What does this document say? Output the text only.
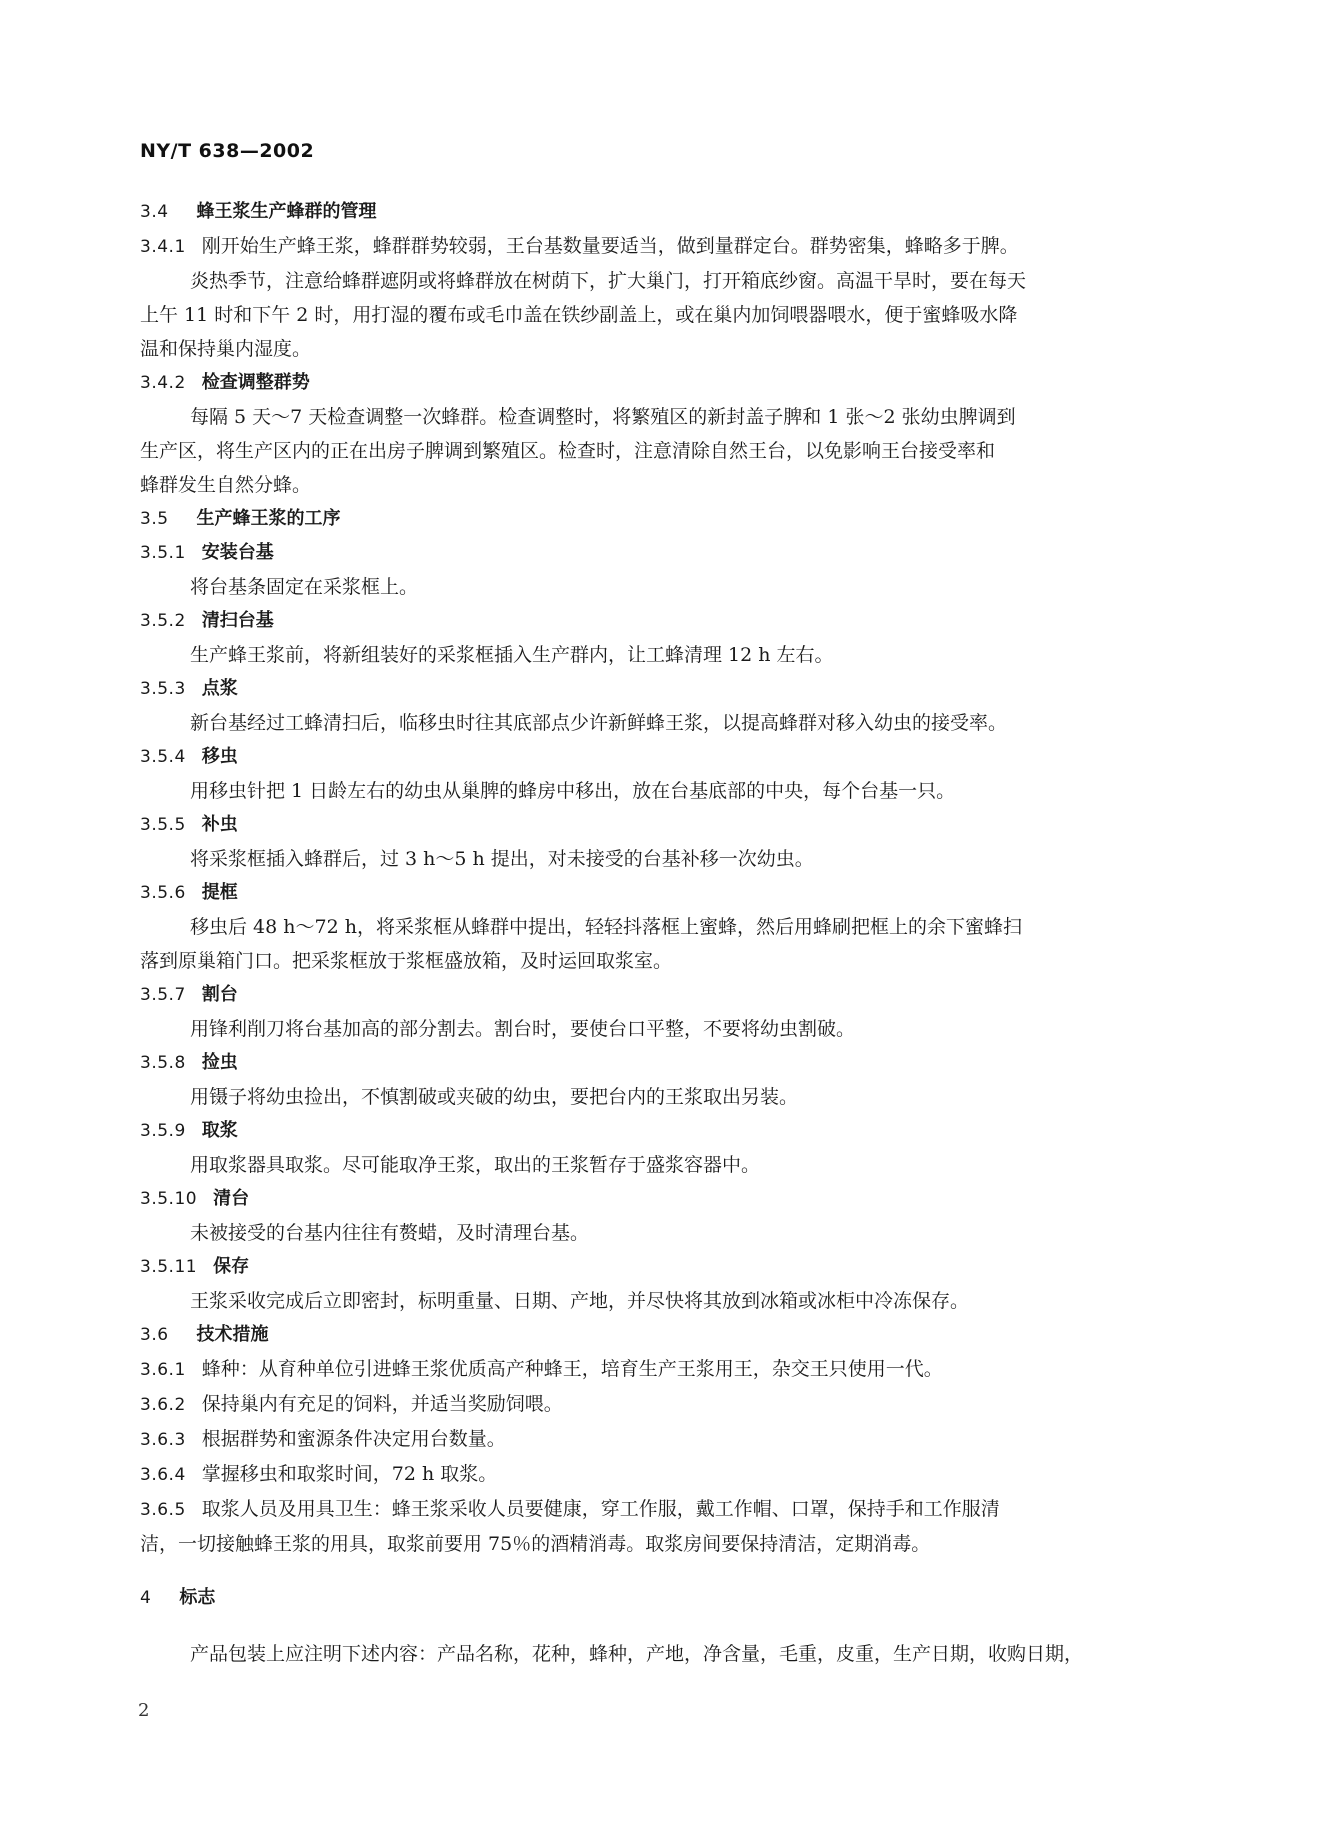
NY/T 638—2002
3.4 蜂王浆生产蜂群的管理
3.4.1 刚开始生产蜂王浆，蜂群群势较弱，王台基数量要适当，做到量群定台。群势密集，蜂略多于脾。
炎热季节，注意给蜂群遮阴或将蜂群放在树荫下，扩大巢门，打开箱底纱窗。高温干旱时，要在每天
上午 11 时和下午 2 时，用打湿的覆布或毛巾盖在铁纱副盖上，或在巢内加饲喂器喂水，便于蜜蜂吸水降
温和保持巢内湿度。
3.4.2 检查调整群势
每隔 5 天～7 天检查调整一次蜂群。检查调整时，将繁殖区的新封盖子脾和 1 张～2 张幼虫脾调到
生产区，将生产区内的正在出房子脾调到繁殖区。检查时，注意清除自然王台，以免影响王台接受率和
蜂群发生自然分蜂。
3.5 生产蜂王浆的工序
3.5.1 安装台基
将台基条固定在采浆框上。
3.5.2 清扫台基
生产蜂王浆前，将新组装好的采浆框插入生产群内，让工蜂清理 12 h 左右。
3.5.3 点浆
新台基经过工蜂清扫后，临移虫时往其底部点少许新鲜蜂王浆，以提高蜂群对移入幼虫的接受率。
3.5.4 移虫
用移虫针把 1 日龄左右的幼虫从巢脾的蜂房中移出，放在台基底部的中央，每个台基一只。
3.5.5 补虫
将采浆框插入蜂群后，过 3 h～5 h 提出，对未接受的台基补移一次幼虫。
3.5.6 提框
移虫后 48 h～72 h，将采浆框从蜂群中提出，轻轻抖落框上蜜蜂，然后用蜂刷把框上的余下蜜蜂扫
落到原巢箱门口。把采浆框放于浆框盛放箱，及时运回取浆室。
3.5.7 割台
用锋利削刀将台基加高的部分割去。割台时，要使台口平整，不要将幼虫割破。
3.5.8 捡虫
用镊子将幼虫捡出，不慎割破或夹破的幼虫，要把台内的王浆取出另装。
3.5.9 取浆
用取浆器具取浆。尽可能取净王浆，取出的王浆暂存于盛浆容器中。
3.5.10 清台
未被接受的台基内往往有赘蜡，及时清理台基。
3.5.11 保存
王浆采收完成后立即密封，标明重量、日期、产地，并尽快将其放到冰箱或冰柜中冷冻保存。
3.6 技术措施
3.6.1 蜂种：从育种单位引进蜂王浆优质高产种蜂王，培育生产王浆用王，杂交王只使用一代。
3.6.2 保持巢内有充足的饲料，并适当奖励饲喂。
3.6.3 根据群势和蜜源条件决定用台数量。
3.6.4 掌握移虫和取浆时间，72 h 取浆。
3.6.5 取浆人员及用具卫生：蜂王浆采收人员要健康，穿工作服，戴工作帽、口罩，保持手和工作服清
洁，一切接触蜂王浆的用具，取浆前要用 75％的酒精消毒。取浆房间要保持清洁，定期消毒。
4 标志
产品包装上应注明下述内容：产品名称，花种，蜂种，产地，净含量，毛重，皮重，生产日期，收购日期，
2
